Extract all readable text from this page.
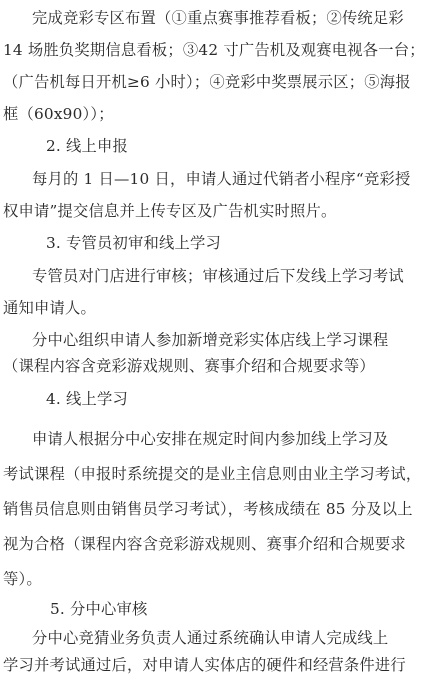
完成竞彩专区布置（①重点赛事推荐看板；②传统足彩
14 场胜负奖期信息看板；③42 寸广告机及观赛电视各一台；
（广告机每日开机≥6 小时）；④竞彩中奖票展示区；⑤海报
框（60x90））；
2. 线上申报
每月的 1 日—10 日，申请人通过代销者小程序“竞彩授
权申请”提交信息并上传专区及广告机实时照片。
3. 专管员初审和线上学习
专管员对门店进行审核；审核通过后下发线上学习考试
通知申请人。
分中心组织申请人参加新增竞彩实体店线上学习课程
（课程内容含竞彩游戏规则、赛事介绍和合规要求等）
4. 线上学习
申请人根据分中心安排在规定时间内参加线上学习及
考试课程（申报时系统提交的是业主信息则由业主学习考试，
销售员信息则由销售员学习考试），考核成绩在 85 分及以上
视为合格（课程内容含竞彩游戏规则、赛事介绍和合规要求
等）。
5. 分中心审核
分中心竞猜业务负责人通过系统确认申请人完成线上
学习并考试通过后，对申请人实体店的硬件和经营条件进行
